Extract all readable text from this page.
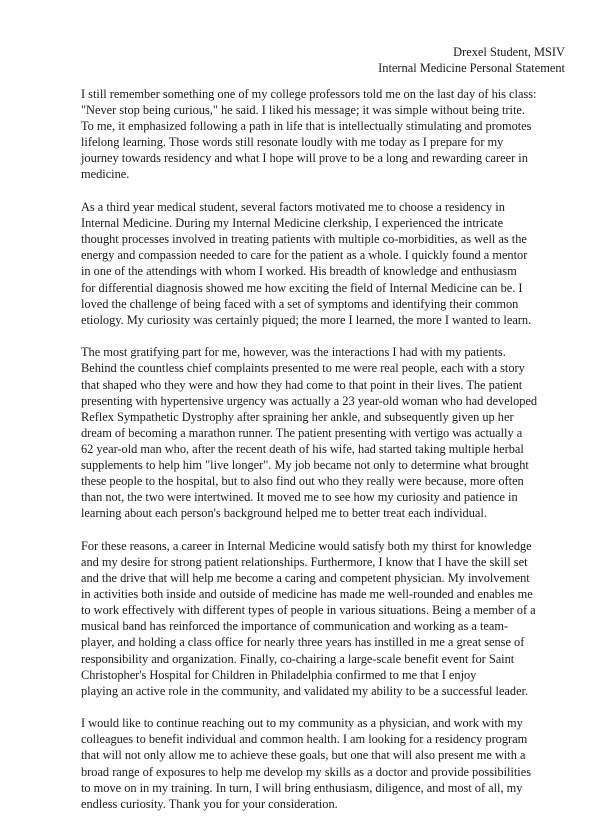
Drexel Student, MSIV
Internal Medicine Personal Statement
I still remember something one of my college professors told me on the last day of his class:
"Never stop being curious," he said. I liked his message; it was simple without being trite.
To me, it emphasized following a path in life that is intellectually stimulating and promotes
lifelong learning. Those words still resonate loudly with me today as I prepare for my
journey towards residency and what I hope will prove to be a long and rewarding career in
medicine.
As a third year medical student, several factors motivated me to choose a residency in
Internal Medicine. During my Internal Medicine clerkship, I experienced the intricate
thought processes involved in treating patients with multiple co-morbidities, as well as the
energy and compassion needed to care for the patient as a whole. I quickly found a mentor
in one of the attendings with whom I worked. His breadth of knowledge and enthusiasm
for differential diagnosis showed me how exciting the field of Internal Medicine can be. I
loved the challenge of being faced with a set of symptoms and identifying their common
etiology. My curiosity was certainly piqued; the more I learned, the more I wanted to learn.
The most gratifying part for me, however, was the interactions I had with my patients.
Behind the countless chief complaints presented to me were real people, each with a story
that shaped who they were and how they had come to that point in their lives. The patient
presenting with hypertensive urgency was actually a 23 year-old woman who had developed
Reflex Sympathetic Dystrophy after spraining her ankle, and subsequently given up her
dream of becoming a marathon runner. The patient presenting with vertigo was actually a
62 year-old man who, after the recent death of his wife, had started taking multiple herbal
supplements to help him "live longer". My job became not only to determine what brought
these people to the hospital, but to also find out who they really were because, more often
than not, the two were intertwined. It moved me to see how my curiosity and patience in
learning about each person's background helped me to better treat each individual.
For these reasons, a career in Internal Medicine would satisfy both my thirst for knowledge
and my desire for strong patient relationships. Furthermore, I know that I have the skill set
and the drive that will help me become a caring and competent physician. My involvement
in activities both inside and outside of medicine has made me well-rounded and enables me
to work effectively with different types of people in various situations. Being a member of a
musical band has reinforced the importance of communication and working as a team-
player, and holding a class office for nearly three years has instilled in me a great sense of
responsibility and organization. Finally, co-chairing a large-scale benefit event for Saint
Christopher's Hospital for Children in Philadelphia confirmed to me that I enjoy
playing an active role in the community, and validated my ability to be a successful leader.
I would like to continue reaching out to my community as a physician, and work with my
colleagues to benefit individual and common health. I am looking for a residency program
that will not only allow me to achieve these goals, but one that will also present me with a
broad range of exposures to help me develop my skills as a doctor and provide possibilities
to move on in my training. In turn, I will bring enthusiasm, diligence, and most of all, my
endless curiosity. Thank you for your consideration.
